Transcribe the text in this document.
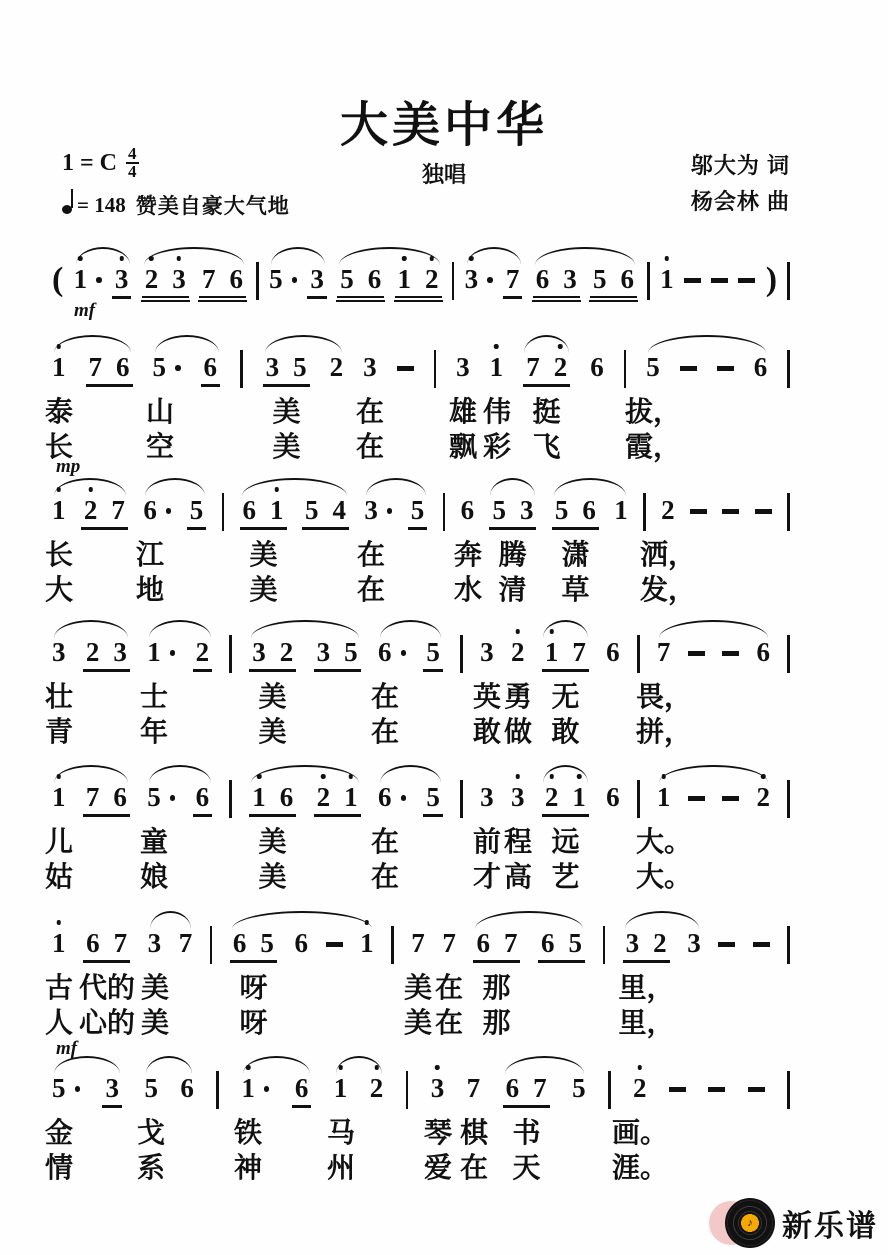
大美中华
独唱
1 = C $\frac{4}{4}$
= 148 赞美自豪大气地
邬大为 词
杨会林 曲
( 1 3 2 3 7 6 5 3 5 6 1 2 3 7 6 3 5 6 1	)
mf
1 7 6 5 6 3 5 2 3	3 1 7 2 6 5	6
泰	山	美 在 雄 伟 挺 拔，
长	空	美 在 飘 彩 飞 霞，
mp
1 2 7 6 5 6 1 5 4 3 5 6 5 3 5 6 1 2
长 江	美	在 奔 腾 潇 洒，
大 地	美	在 水 清 草 发，
3 2 3 1 2 3 2 3 5 6 5 3 2 1 7 6 7	6
壮 士	美	在	英 勇 无 畏，
青 年	美	在	敢 做 敢 拼，
1 7 6 5 6 1 6 2 1 6 5 3 3 2 1 6 1	2
儿 童	美	在	前 程 远 大。
姑 娘	美	在	才 高 艺 大。
1 6 7 3 7 6 5 6 1 7 7 6 7 6 5 3 2 3
古 代 的 美	呀	美 在 那	里，
人 心 的 美	呀	美 在 那	里，
mf
5 3 5 6 1 6 1 2 3 7 6 7 5 2
金 戈 铁 马 琴 棋 书	画。
情 系 神 州 爱 在 天	涯。
♪ 新乐谱
